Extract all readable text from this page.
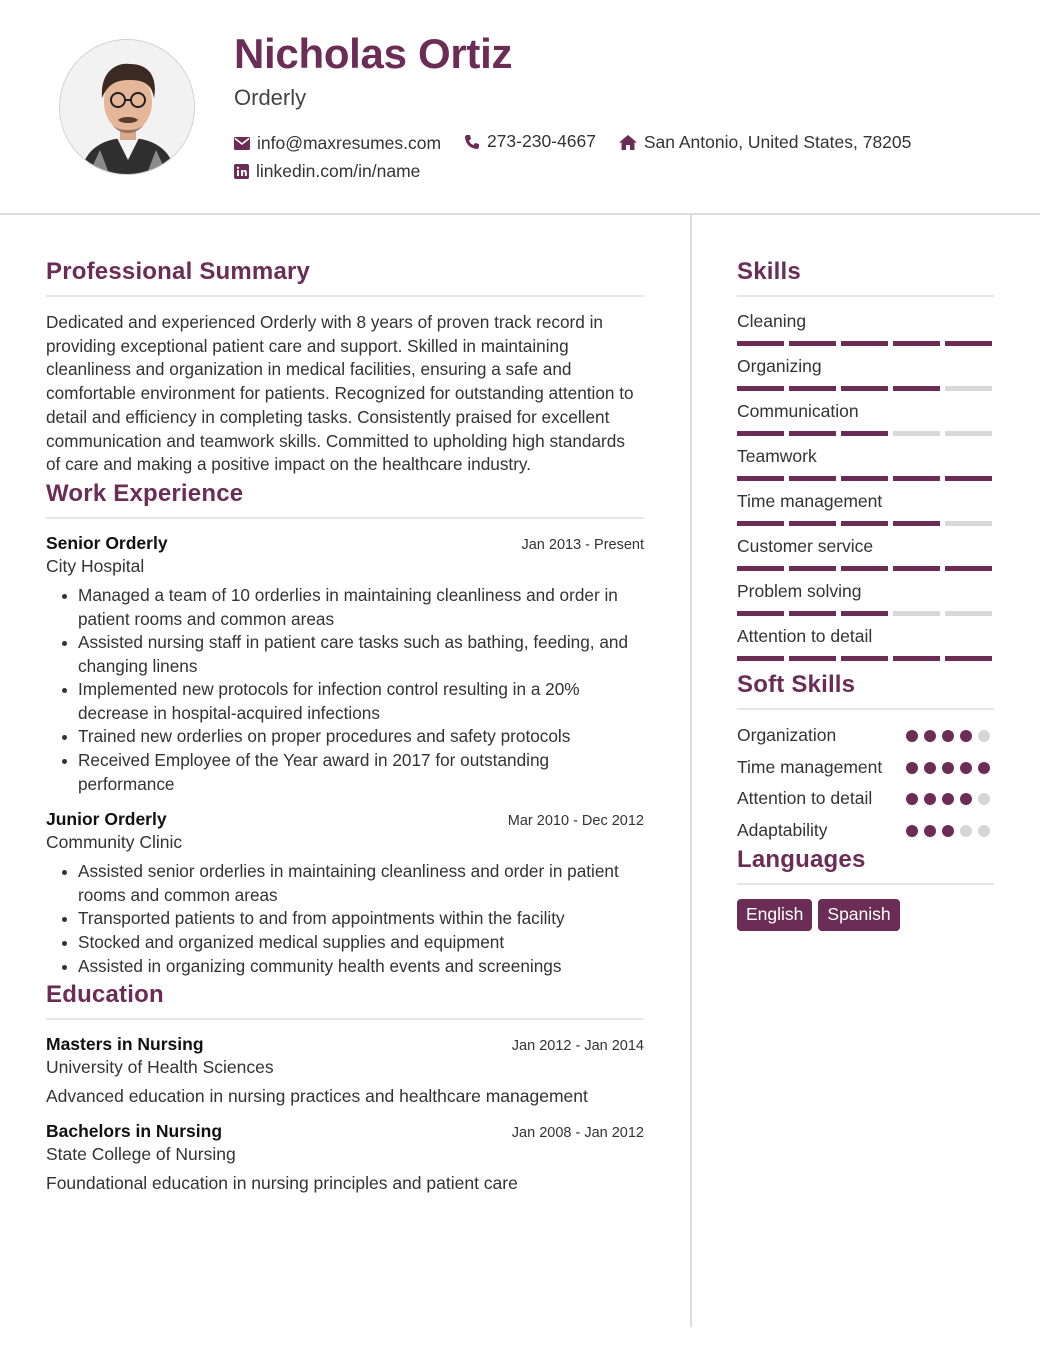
Nicholas Ortiz
Orderly
info@maxresumes.com
	273-230-4667
	San Antonio, United States, 78205

linkedin.com/in/name
Professional Summary

Dedicated and experienced Orderly with 8 years of proven track record in providing exceptional patient care and support. Skilled in maintaining cleanliness and organization in medical facilities, ensuring a safe and comfortable environment for patients. Recognized for outstanding attention to detail and efficiency in completing tasks. Consistently praised for excellent communication and teamwork skills. Committed to upholding high standards of care and making a positive impact on the healthcare industry.

Work Experience
Senior Orderly	Jan 2013 - Present
City Hospital
Managed a team of 10 orderlies in maintaining cleanliness and order in patient rooms and common areas
Assisted nursing staff in patient care tasks such as bathing, feeding, and changing linens
Implemented new protocols for infection control resulting in a 20% decrease in hospital-acquired infections
Trained new orderlies on proper procedures and safety protocols
Received Employee of the Year award in 2017 for outstanding performance
Junior Orderly	Mar 2010 - Dec 2012
Community Clinic
Assisted senior orderlies in maintaining cleanliness and order in patient rooms and common areas
Transported patients to and from appointments within the facility
Stocked and organized medical supplies and equipment
Assisted in organizing community health events and screenings
Education
Masters in Nursing	Jan 2012 - Jan 2014
University of Health Sciences
Advanced education in nursing practices and healthcare management
Bachelors in Nursing	Jan 2008 - Jan 2012
State College of Nursing
Foundational education in nursing principles and patient care
Skills
Cleaning
Organizing
Communication
Teamwork
Time management
Customer service
Problem solving
Attention to detail
Soft Skills
Organization
Time management
Attention to detail
Adaptability
Languages
English	Spanish
